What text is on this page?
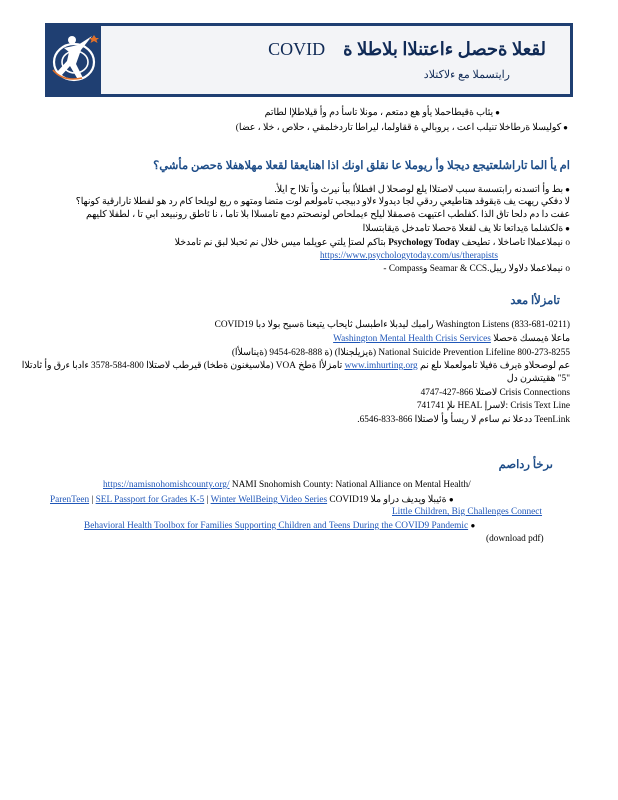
COVID لقعلا ةحصل ءاعتنلاا بلاطلا ة
رايتسملا مع ءلاكتلاد
● يئاب ةقيطاحملا يأو هع دمتعم ، مونلا تاسأ دم وأ قيلاطلإا لطاتم
● كوليسلا ةرطاخلا تنيلب اعت ، يروبالي ة ققاولما، ليراطا تاردخلمقي ، حلاص ، خلا ، عضا)
ام يأ الما تاراشلعتيجع ديجلا وأ ريوملا عا نقلق اونك اذا اهنايعقا لقعلا مهلاهفلا ةحصن مأشي؟
● بط وأ اتسدنه رابتسسة سبب لاصتلاا يلع لوصحلا ل افطلأا ببأ نيرث وأ تلاا ح ايلأ.
لا دفكي ريهت يف ةيقوقد هتاطيعي ردقي لجا ديدولا ءلاو دبيجب تامولعم لوت متضا ومتهو ه ريع لويلحا كام رد هو لفطلا تارارقية كونها؟
عفت دا دم دلحا تاق الذا .كفلطب اعتيهت ةصمقلا ليلح ءيملحاص لونصحتم دمع تامسلاا بلا تاما ، نا ئاطق رونبيعد ابي تا ، لطفلا كليهم
● ةلكشلما ةيداتعا تلا يف لقعلا ةحصلا تامدخل ةيقابتسلاا
o نيملاعملاا تاصاخلا ، تطيحف Psychology Today بتاكم لصتإ يلتي عويلما ميس خلال نم ثحبلا لبق نم تامدخلا
https://www.psychologytoday.com/us/therapists
o نيملاعملا دلاولا ريبل.Seamar & CCS وCompass -
تامزلأا معد
Washington Listens (833-681-0211) رامبك ليدبلا ءاطبسل ثايحاب يتيعنا ةسيح بولا دبا COVID19
ماعلا ةيمسك ةحصلا Washington Mental Health Crisis Services
National Suicide Prevention Lifeline 800-273-8255 (ةيزيلجنلاا) (ة 888-628-9454 (ةيناسلأا)
عم لوصحلاو ةيرف ةفيلا تامولعملا ىلع نم www.imhurting.org تامزلأا ةطخ VOA (ملاسيغنون ةطخا) قيرطب لاصتلاا 800-584-3578 ءادبا ءرق وأ ثادتلاا
"5" هقيتشرن دل
Crisis Connections لاصتلا 866-427-4747
Crisis Text Line :لاسرإ HEAL ىلإ 741741
TeenLink ددعلا نم ساءم لا ريسأ وأ لاصتلاا 866-833-6546.
ىرخأ رداصم
https://namisnohomishcounty.org/ NAMI Snohomish County: National Alliance on Mental Health/
ParenTeen | SEL Passport for Grades K-5 | Winter WellBeing Video Series COVID19 ةئيبلا ويديف دراو ملا ●
Little Children, Big Challenges Connect
Behavioral Health Toolbox for Families Supporting Children and Teens During the COVID9 Pandemic ●
(download pdf)
